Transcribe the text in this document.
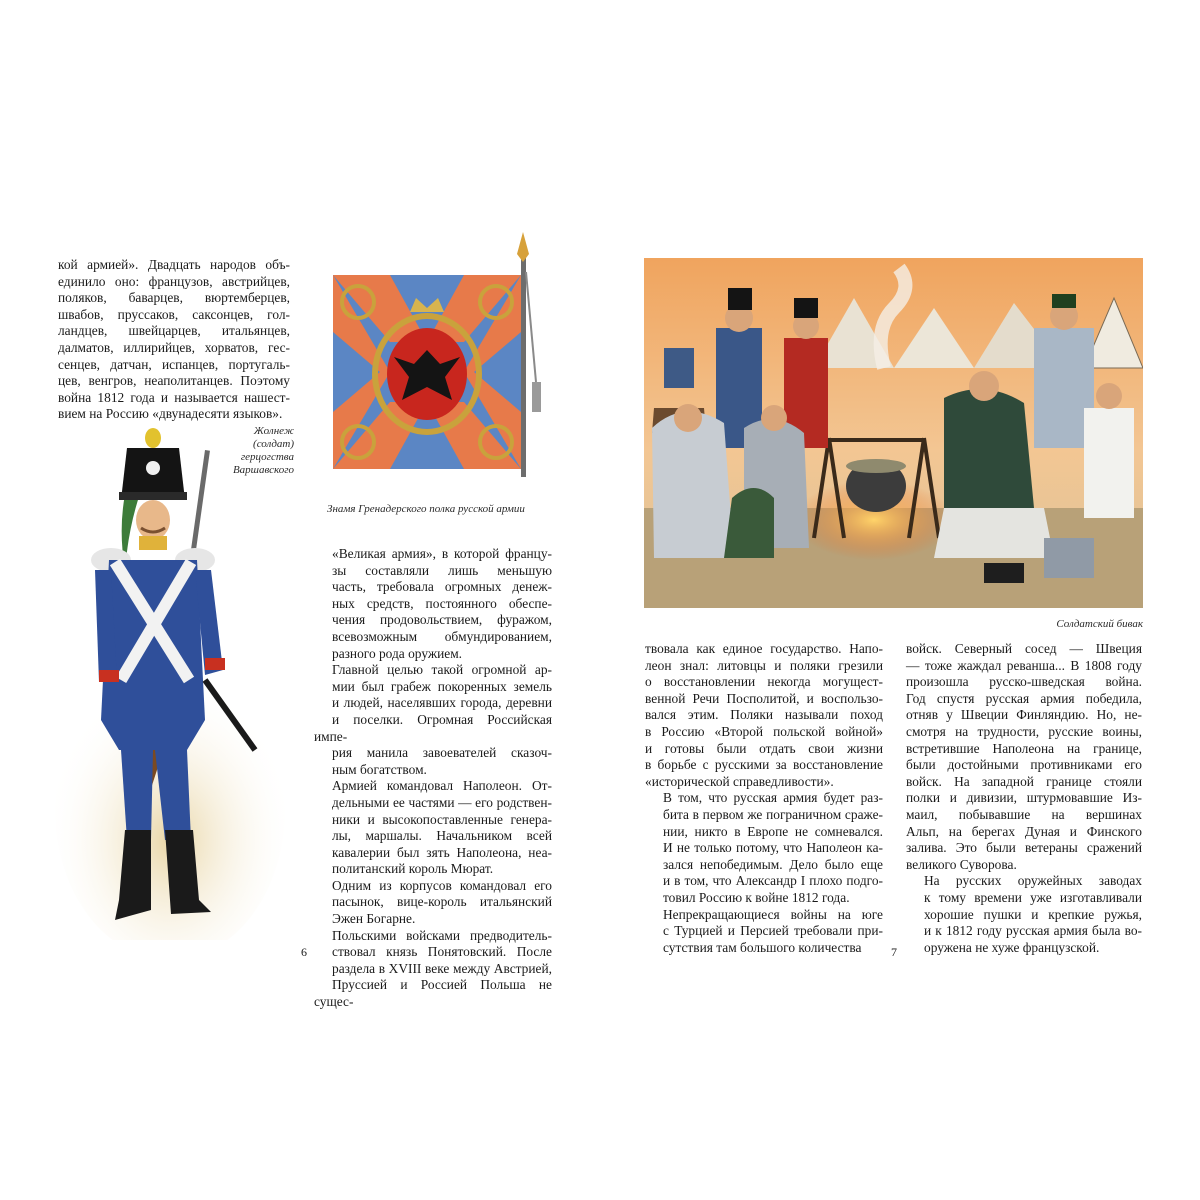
кой армией». Двадцать народов объ-
единило оно: французов, австрийцев,
поляков, баварцев, вюртемберцев,
швабов, пруссаков, саксонцев, гол-
ландцев, швейцарцев, итальянцев,
далматов, иллирийцев, хорватов, гес-
сенцев, датчан, испанцев, португаль-
цев, венгров, неаполитанцев. Поэтому
война 1812 года и называется нашест-
вием на Россию «двунадесяти языков».

Жолнеж
(солдат)
герцогства
Варшавского
Знамя Гренадерского полка русской армии

«Великая армия», в которой францу-
зы составляли лишь меньшую
часть, требовала огромных денеж-
ных средств, постоянного обеспе-
чения продовольствием, фуражом,
всевозможным обмундированием,
разного рода оружием.

Главной целью такой огромной ар-
мии был грабеж покоренных земель
и людей, населявших города, деревни
и поселки. Огромная Российская импе-
рия манила завоевателей сказоч-
ным богатством.

Армией командовал Наполеон. От-
дельными ее частями — его родствен-
ники и высокопоставленные генера-
лы, маршалы. Начальником всей
кавалерии был зять Наполеона, неа-
политанский король Мюрат.

Одним из корпусов командовал его
пасынок, вице-король итальянский
Эжен Богарне.

Польскими войсками предводитель-
ствовал князь Понятовский. После
раздела в XVIII веке между Австрией,
Пруссией и Россией Польша не сущес-

6
Солдатский бивак

твовала как единое государство. Напо-
леон знал: литовцы и поляки грезили
о восстановлении некогда могущест-
венной Речи Посполитой, и воспользо-
вался этим. Поляки называли поход
в Россию «Второй польской войной»
и готовы были отдать свои жизни
в борьбе с русскими за восстановление
«исторической справедливости».

В том, что русская армия будет раз-
бита в первом же пограничном сраже-
нии, никто в Европе не сомневался.
И не только потому, что Наполеон ка-
зался непобедимым. Дело было еще
и в том, что Александр I плохо подго-
товил Россию к войне 1812 года.

Непрекращающиеся войны на юге
с Турцией и Персией требовали при-
сутствия там большого количества

войск. Северный сосед — Швеция
— тоже жаждал реванша... В 1808 году
произошла русско-шведская война.
Год спустя русская армия победила,
отняв у Швеции Финляндию. Но, не-
смотря на трудности, русские воины,
встретившие Наполеона на границе,
были достойными противниками его
войск. На западной границе стояли
полки и дивизии, штурмовавшие Из-
маил, побывавшие на вершинах
Альп, на берегах Дуная и Финского
залива. Это были ветераны сражений
великого Суворова.

На русских оружейных заводах
к тому времени уже изготавливали
хорошие пушки и крепкие ружья,
и к 1812 году русская армия была во-
оружена не хуже французской.

7
